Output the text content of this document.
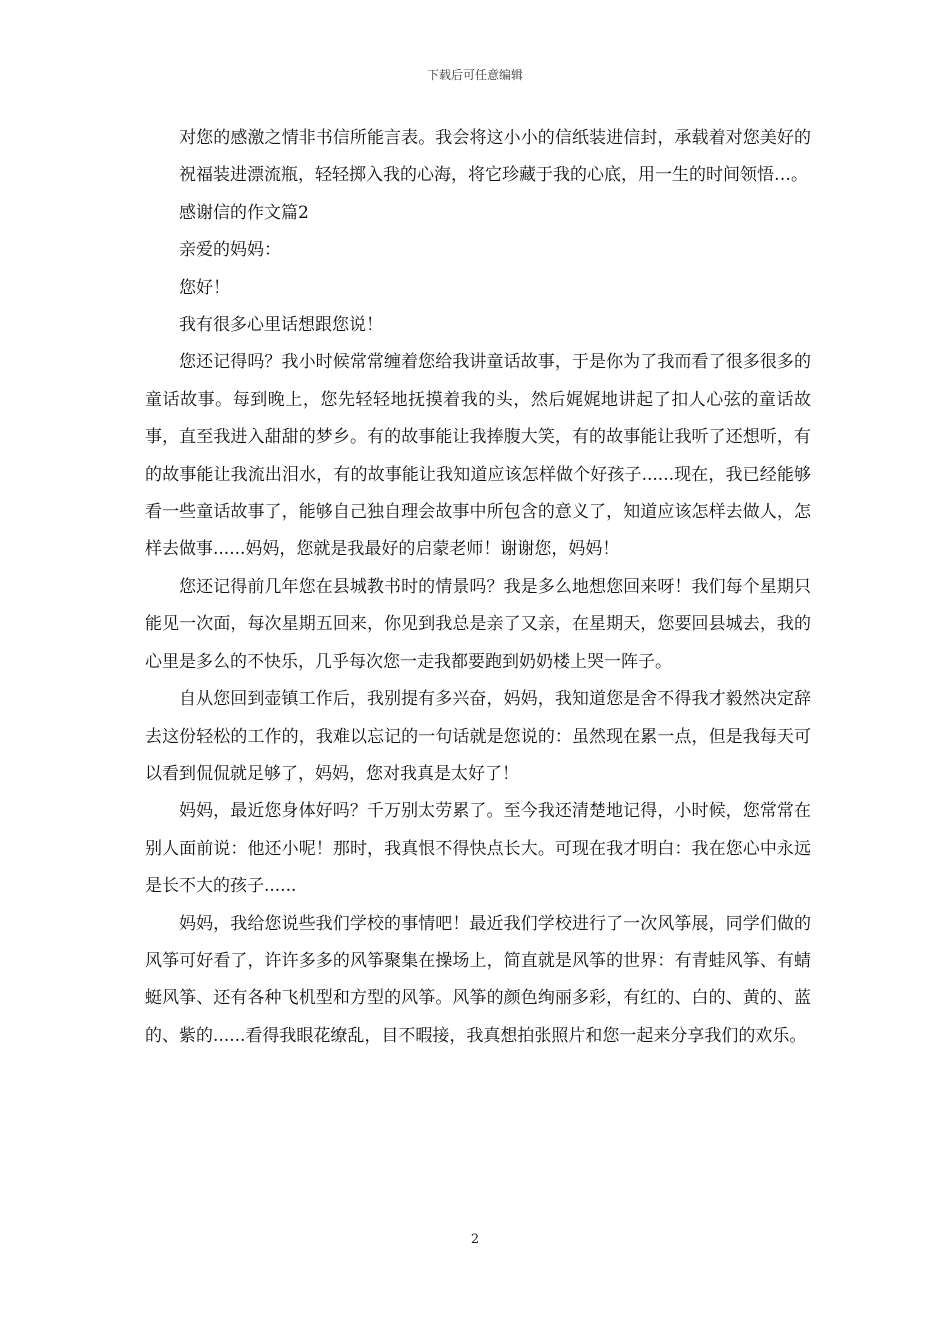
下载后可任意编辑

对您的感激之情非书信所能言表。我会将这小小的信纸装进信封，承载着对您美好的祝福装进漂流瓶，轻轻掷入我的心海，将它珍藏于我的心底，用一生的时间领悟…。

感谢信的作文篇2

亲爱的妈妈：

您好！

我有很多心里话想跟您说！

您还记得吗？我小时候常常缠着您给我讲童话故事，于是你为了我而看了很多很多的童话故事。每到晚上，您先轻轻地抚摸着我的头，然后娓娓地讲起了扣人心弦的童话故事，直至我进入甜甜的梦乡。有的故事能让我捧腹大笑，有的故事能让我听了还想听，有的故事能让我流出泪水，有的故事能让我知道应该怎样做个好孩子......现在，我已经能够看一些童话故事了，能够自己独自理会故事中所包含的意义了，知道应该怎样去做人，怎样去做事......妈妈，您就是我最好的启蒙老师！谢谢您，妈妈！

您还记得前几年您在县城教书时的情景吗？我是多么地想您回来呀！我们每个星期只能见一次面，每次星期五回来，你见到我总是亲了又亲，在星期天，您要回县城去，我的心里是多么的不快乐，几乎每次您一走我都要跑到奶奶楼上哭一阵子。

自从您回到壶镇工作后，我别提有多兴奋，妈妈，我知道您是舍不得我才毅然决定辞去这份轻松的工作的，我难以忘记的一句话就是您说的：虽然现在累一点，但是我每天可以看到侃侃就足够了，妈妈，您对我真是太好了！

妈妈，最近您身体好吗？千万别太劳累了。至今我还清楚地记得，小时候，您常常在别人面前说：他还小呢！那时，我真恨不得快点长大。可现在我才明白：我在您心中永远是长不大的孩子......

妈妈，我给您说些我们学校的事情吧！最近我们学校进行了一次风筝展，同学们做的风筝可好看了，许许多多的风筝聚集在操场上，简直就是风筝的世界：有青蛙风筝、有蜻蜓风筝、还有各种飞机型和方型的风筝。风筝的颜色绚丽多彩，有红的、白的、黄的、蓝的、紫的......看得我眼花缭乱，目不暇接，我真想拍张照片和您一起来分享我们的欢乐。

2
